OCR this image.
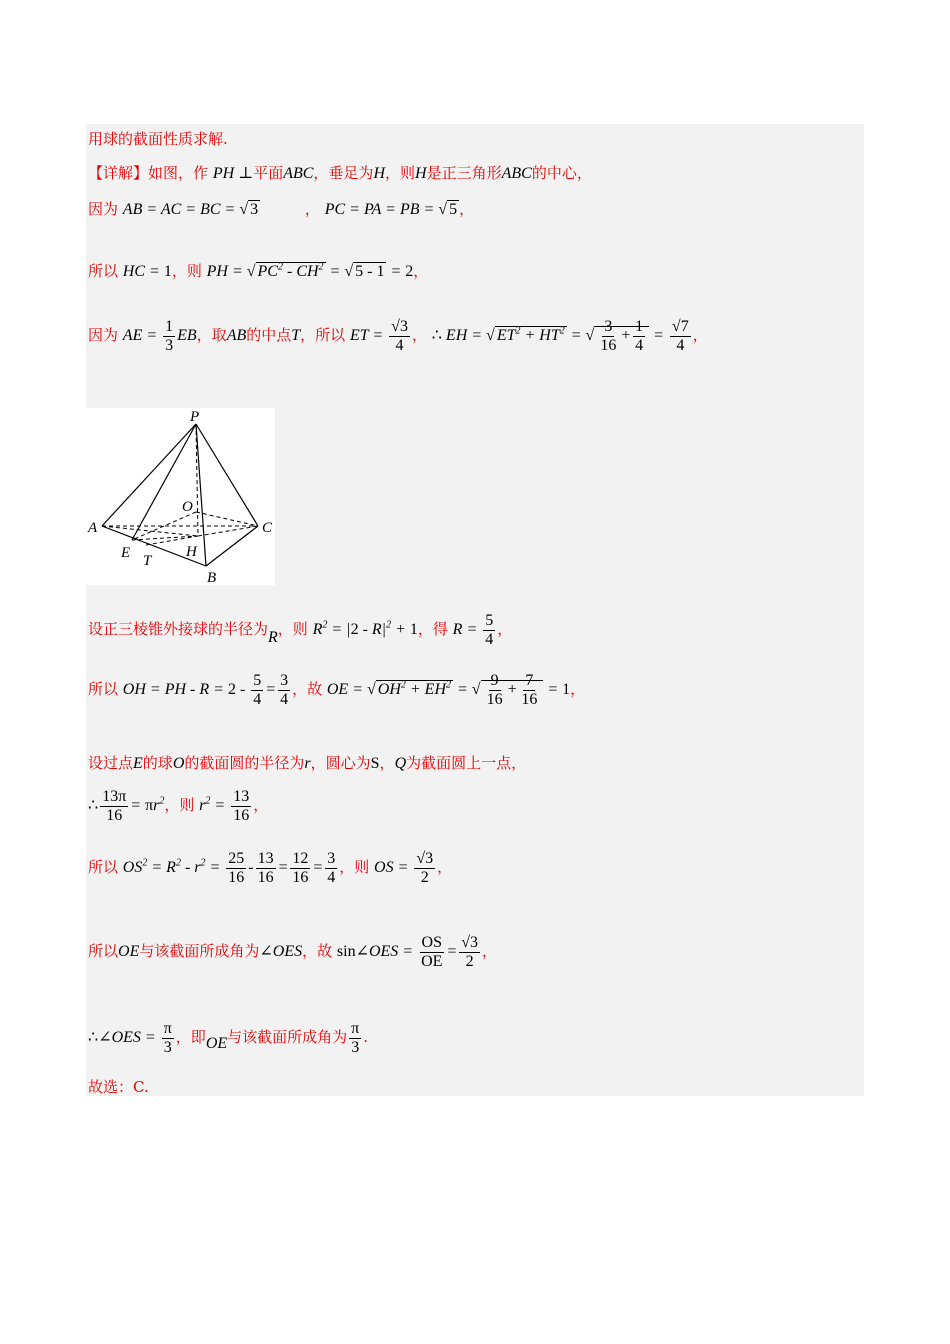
用球的截面性质求解.
【详解】如图，作 PH ⊥平面ABC，垂足为H，则H是正三角形ABC的中心，
因为 AB = AC = BC = √ 3	， PC = PA = PB = √ 5 ，
所以 HC = 1，则 PH = √ $PC^2 - CH^2$ = √ 5 - 1 = 2，
因为 AE = $\frac{1}{3}$ EB，取AB的中点T，所以 ET = $\frac{√3}{4}$ ， ∴ EH = √ $ET^2 + HT^2$ = √ $\frac{3}{16} + \frac{1}{4} = \frac{√7}{4}$ ，
P
O
A	C
E T
H
B
设正三棱锥外接球的半径为R，则 $R^2 = |2 - R|^2 + 1$，得 $R = \frac{5}{4}$ ，
所以 OH = PH - $R = 2 - \frac{5}{4} = \frac{3}{4}$ ，故 OE = √ $OH^2 + EH^2$ = √ $\frac{9}{16} + \frac{7}{16} = 1$，
设过点E的球O的截面圆的半径为r，圆心为S，Q为截面圆上一点，
∴ $\frac{13\pi}{16} = \pi r^2$，则 $r^2 = \frac{13}{16}$ ，
所以 $OS^2 = R^2 - r^2 = \frac{25}{16} - \frac{13}{16} = \frac{12}{16} = \frac{3}{4}$ ，则 OS = $\frac{√3}{2}$ ，
所以OE与该截面所成角为∠OES，故 sin∠OES = $\frac{OS}{OE} = \frac{√3}{2}$ ，
∴∠OES = $\frac{\pi}{3}$ ，即OE与该截面所成角为 $\frac{\pi}{3}$ .
故选：C.
